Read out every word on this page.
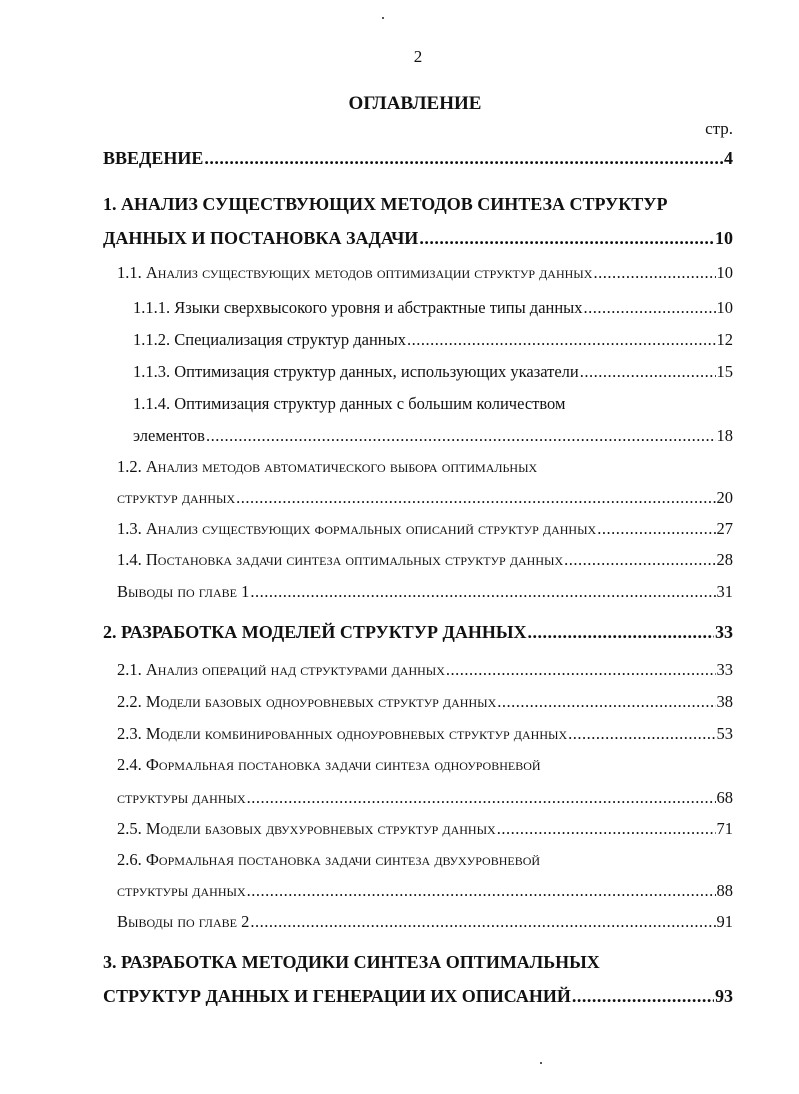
2
ОГЛАВЛЕНИЕ
стр.
ВВЕДЕНИЕ .....	4
1. АНАЛИЗ СУЩЕСТВУЮЩИХ МЕТОДОВ СИНТЕЗА СТРУКТУР
ДАННЫХ И ПОСТАНОВКА ЗАДАЧИ .....	10
1.1. Анализ существующих методов оптимизации структур данных .....	10
1.1.1. Языки сверхвысокого уровня и абстрактные типы данных .....	10
1.1.2. Специализация структур данных .....	12
1.1.3. Оптимизация структур данных, использующих указатели .....	15
1.1.4. Оптимизация структур данных с большим количеством
элементов .....	18
1.2. Анализ методов автоматического выбора оптимальных
структур данных .....	20
1.3. Анализ существующих формальных описаний структур данных .....	27
1.4. Постановка задачи синтеза оптимальных структур данных .....	28
Выводы по главе 1 .....	31
2. РАЗРАБОТКА МОДЕЛЕЙ СТРУКТУР ДАННЫХ .....	33
2.1. Анализ операций над структурами данных .....	33
2.2. Модели базовых одноуровневых структур данных .....	38
2.3. Модели комбинированных одноуровневых структур данных .....	53
2.4. Формальная постановка задачи синтеза одноуровневой
структуры данных .....	68
2.5. Модели базовых двухуровневых структур данных .....	71
2.6. Формальная постановка задачи синтеза двухуровневой
структуры данных .....	88
Выводы по главе 2 .....	91
3. РАЗРАБОТКА МЕТОДИКИ СИНТЕЗА ОПТИМАЛЬНЫХ
СТРУКТУР ДАННЫХ И ГЕНЕРАЦИИ ИХ ОПИСАНИЙ .....	93
